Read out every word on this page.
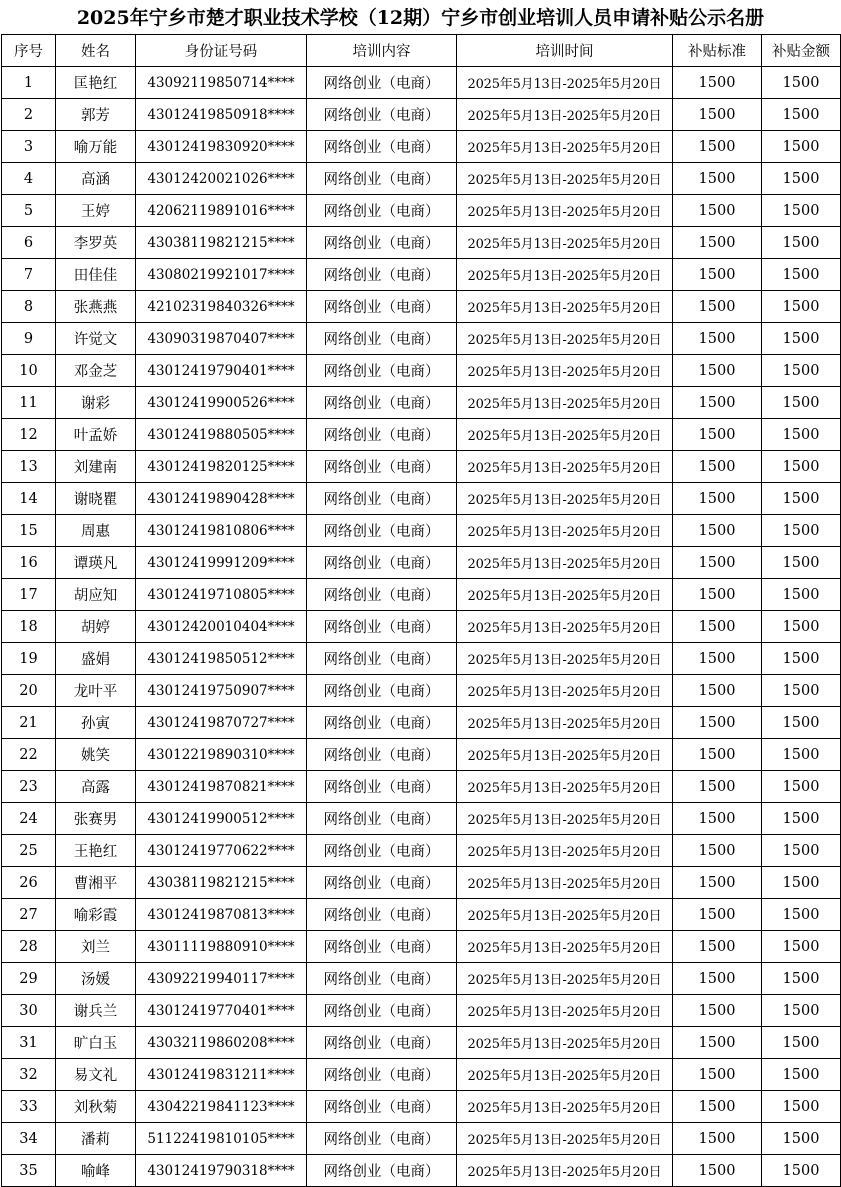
2025年宁乡市楚才职业技术学校（12期）宁乡市创业培训人员申请补贴公示名册
序号	姓名	身份证号码	培训内容	培训时间	补贴标准	补贴金额
1	匡艳红	43092119850714****	网络创业（电商）	2025年5月13日-2025年5月20日	1500	1500
2	郭芳	43012419850918****	网络创业（电商）	2025年5月13日-2025年5月20日	1500	1500
3	喻万能	43012419830920****	网络创业（电商）	2025年5月13日-2025年5月20日	1500	1500
4	高涵	43012420021026****	网络创业（电商）	2025年5月13日-2025年5月20日	1500	1500
5	王婷	42062119891016****	网络创业（电商）	2025年5月13日-2025年5月20日	1500	1500
6	李罗英	43038119821215****	网络创业（电商）	2025年5月13日-2025年5月20日	1500	1500
7	田佳佳	43080219921017****	网络创业（电商）	2025年5月13日-2025年5月20日	1500	1500
8	张燕燕	42102319840326****	网络创业（电商）	2025年5月13日-2025年5月20日	1500	1500
9	许觉文	43090319870407****	网络创业（电商）	2025年5月13日-2025年5月20日	1500	1500
10	邓金芝	43012419790401****	网络创业（电商）	2025年5月13日-2025年5月20日	1500	1500
11	谢彩	43012419900526****	网络创业（电商）	2025年5月13日-2025年5月20日	1500	1500
12	叶孟娇	43012419880505****	网络创业（电商）	2025年5月13日-2025年5月20日	1500	1500
13	刘建南	43012419820125****	网络创业（电商）	2025年5月13日-2025年5月20日	1500	1500
14	谢晓瞿	43012419890428****	网络创业（电商）	2025年5月13日-2025年5月20日	1500	1500
15	周惠	43012419810806****	网络创业（电商）	2025年5月13日-2025年5月20日	1500	1500
16	谭瑛凡	43012419991209****	网络创业（电商）	2025年5月13日-2025年5月20日	1500	1500
17	胡应知	43012419710805****	网络创业（电商）	2025年5月13日-2025年5月20日	1500	1500
18	胡婷	43012420010404****	网络创业（电商）	2025年5月13日-2025年5月20日	1500	1500
19	盛娟	43012419850512****	网络创业（电商）	2025年5月13日-2025年5月20日	1500	1500
20	龙叶平	43012419750907****	网络创业（电商）	2025年5月13日-2025年5月20日	1500	1500
21	孙寅	43012419870727****	网络创业（电商）	2025年5月13日-2025年5月20日	1500	1500
22	姚笑	43012219890310****	网络创业（电商）	2025年5月13日-2025年5月20日	1500	1500
23	高露	43012419870821****	网络创业（电商）	2025年5月13日-2025年5月20日	1500	1500
24	张赛男	43012419900512****	网络创业（电商）	2025年5月13日-2025年5月20日	1500	1500
25	王艳红	43012419770622****	网络创业（电商）	2025年5月13日-2025年5月20日	1500	1500
26	曹湘平	43038119821215****	网络创业（电商）	2025年5月13日-2025年5月20日	1500	1500
27	喻彩霞	43012419870813****	网络创业（电商）	2025年5月13日-2025年5月20日	1500	1500
28	刘兰	43011119880910****	网络创业（电商）	2025年5月13日-2025年5月20日	1500	1500
29	汤媛	43092219940117****	网络创业（电商）	2025年5月13日-2025年5月20日	1500	1500
30	谢兵兰	43012419770401****	网络创业（电商）	2025年5月13日-2025年5月20日	1500	1500
31	旷白玉	43032119860208****	网络创业（电商）	2025年5月13日-2025年5月20日	1500	1500
32	易文礼	43012419831211****	网络创业（电商）	2025年5月13日-2025年5月20日	1500	1500
33	刘秋菊	43042219841123****	网络创业（电商）	2025年5月13日-2025年5月20日	1500	1500
34	潘莉	51122419810105****	网络创业（电商）	2025年5月13日-2025年5月20日	1500	1500
35	喻峰	43012419790318****	网络创业（电商）	2025年5月13日-2025年5月20日	1500	1500
